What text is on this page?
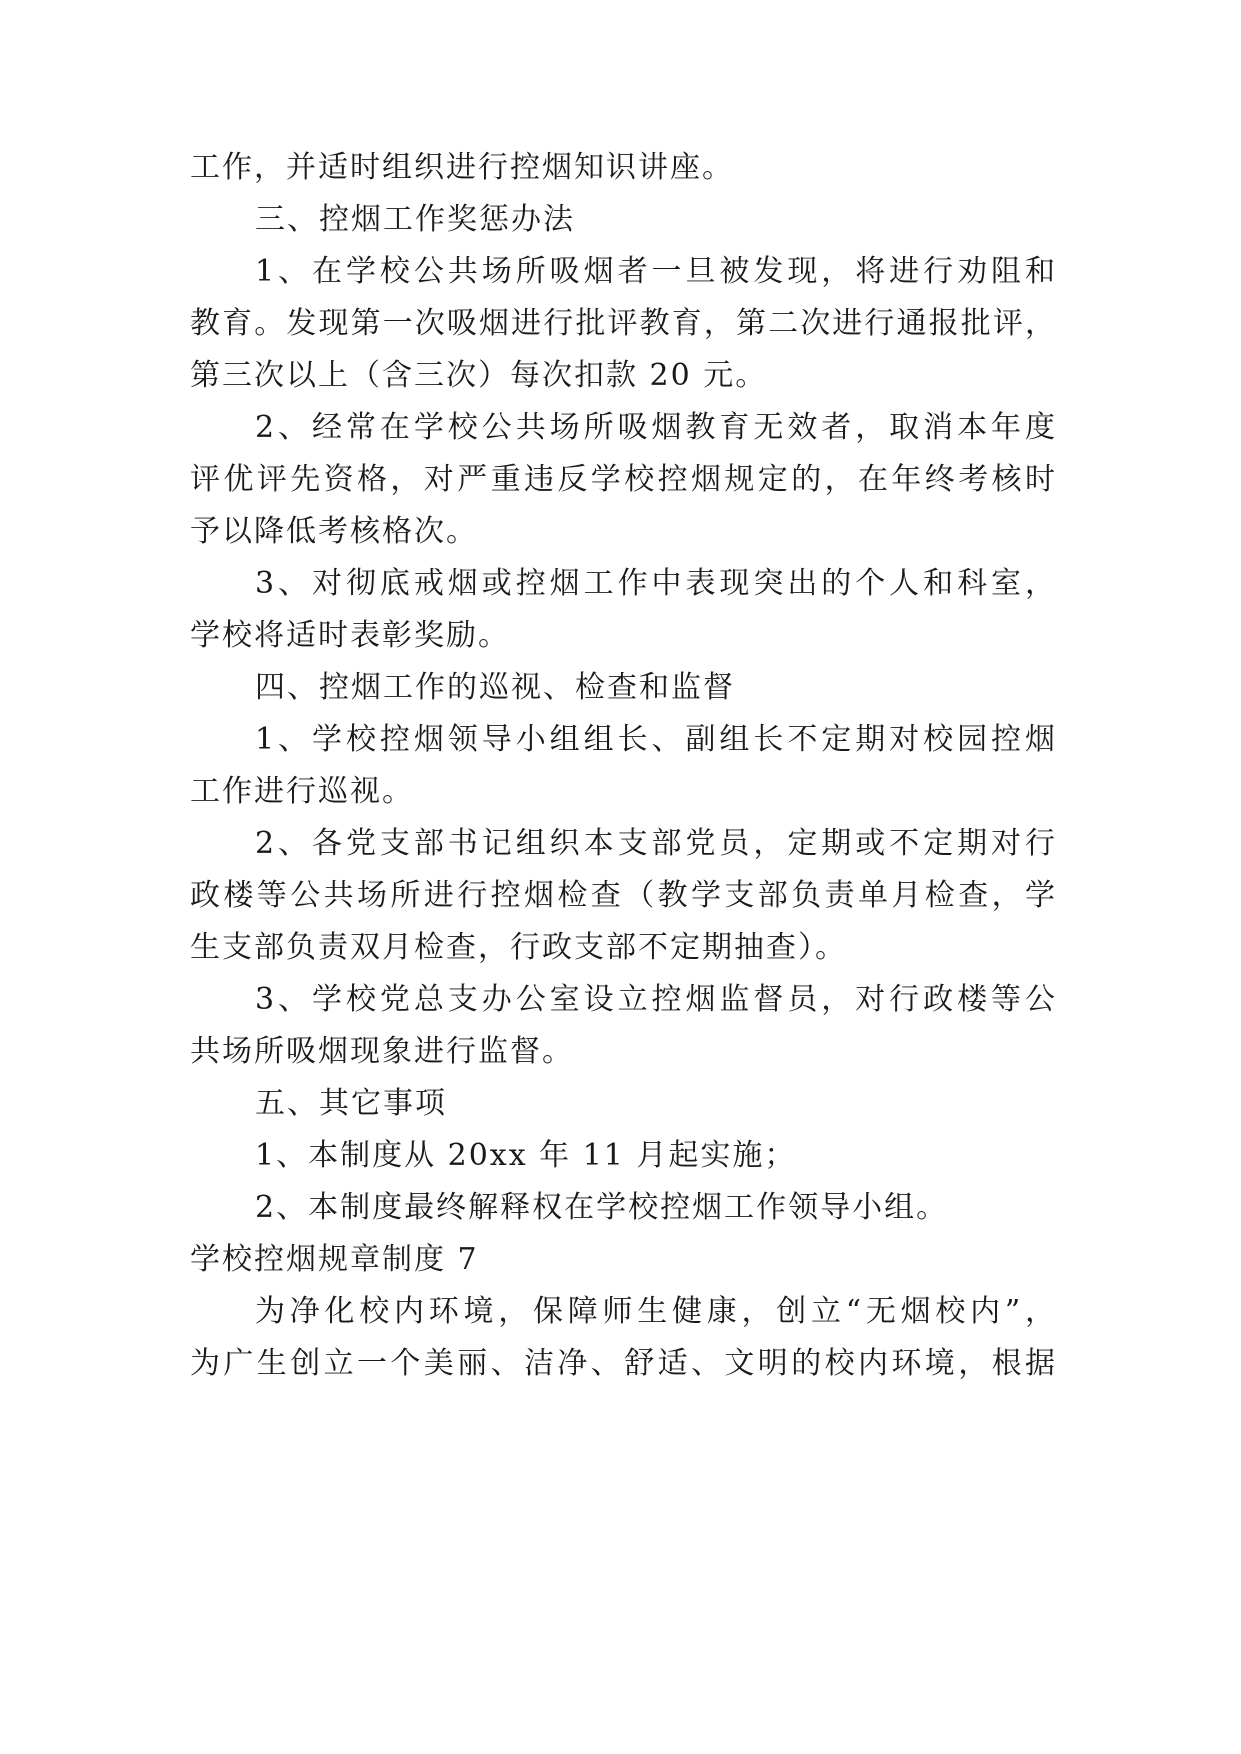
工作，并适时组织进行控烟知识讲座。
三、控烟工作奖惩办法
1、在学校公共场所吸烟者一旦被发现，将进行劝阻和
教育。发现第一次吸烟进行批评教育，第二次进行通报批评，
第三次以上（含三次）每次扣款 20 元。
2、经常在学校公共场所吸烟教育无效者，取消本年度
评优评先资格，对严重违反学校控烟规定的，在年终考核时
予以降低考核格次。
3、对彻底戒烟或控烟工作中表现突出的个人和科室，
学校将适时表彰奖励。
四、控烟工作的巡视、检查和监督
1、学校控烟领导小组组长、副组长不定期对校园控烟
工作进行巡视。
2、各党支部书记组织本支部党员，定期或不定期对行
政楼等公共场所进行控烟检查（教学支部负责单月检查，学
生支部负责双月检查，行政支部不定期抽查）。
3、学校党总支办公室设立控烟监督员，对行政楼等公
共场所吸烟现象进行监督。
五、其它事项
1、本制度从 20xx 年 11 月起实施；
2、本制度最终解释权在学校控烟工作领导小组。
学校控烟规章制度 7
为净化校内环境，保障师生健康，创立“无烟校内”，
为广生创立一个美丽、洁净、舒适、文明的校内环境，根据
